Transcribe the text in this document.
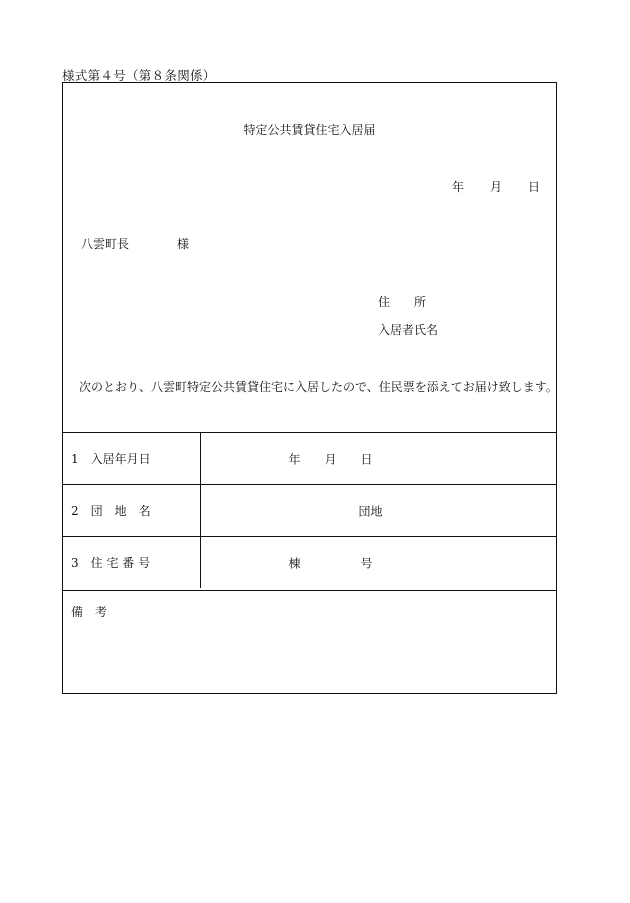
様式第４号（第８条関係）
特定公共賃貸住宅入居届
年 月 日
八雲町長	様
住　　所
入居者氏名
次のとおり、八雲町特定公共賃貸住宅に入居したので、住民票を添えてお届け致します。
1　入居年月日	年 月 日

2　団　地　名	団地

3　住 宅 番 号	棟 号
備　考
